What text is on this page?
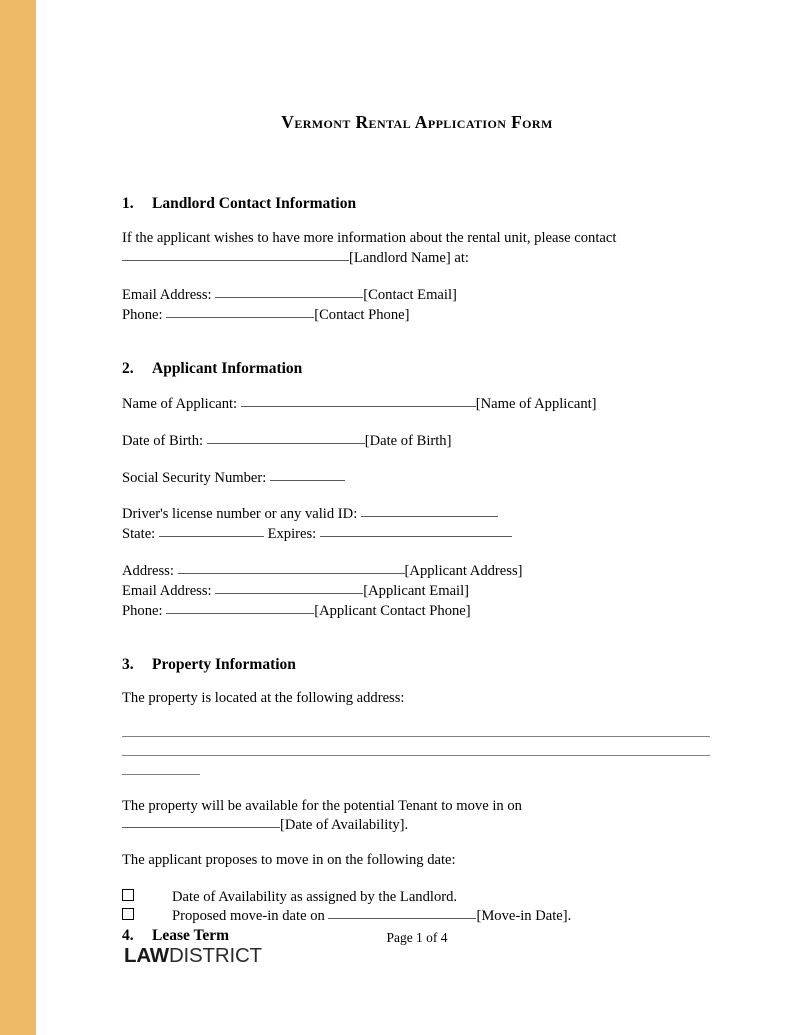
Vermont Rental Application Form
1.	Landlord Contact Information
If the applicant wishes to have more information about the rental unit, please contact
[Landlord Name] at:
Email Address:	[Contact Email]
Phone:	[Contact Phone]
2.	Applicant Information
Name of Applicant:	[Name of Applicant]
Date of Birth:	[Date of Birth]
Social Security Number:
Driver's license number or any valid ID:
State:	Expires:
Address:	[Applicant Address]
Email Address:	[Applicant Email]
Phone:	[Applicant Contact Phone]
3.	Property Information
The property is located at the following address:
The property will be available for the potential Tenant to move in on
[Date of Availability].
The applicant proposes to move in on the following date:
Date of Availability as assigned by the Landlord.
Proposed move-in date on	[Move-in Date].
4.	Lease Term	Page 1 of 4
LAWDISTRICT
